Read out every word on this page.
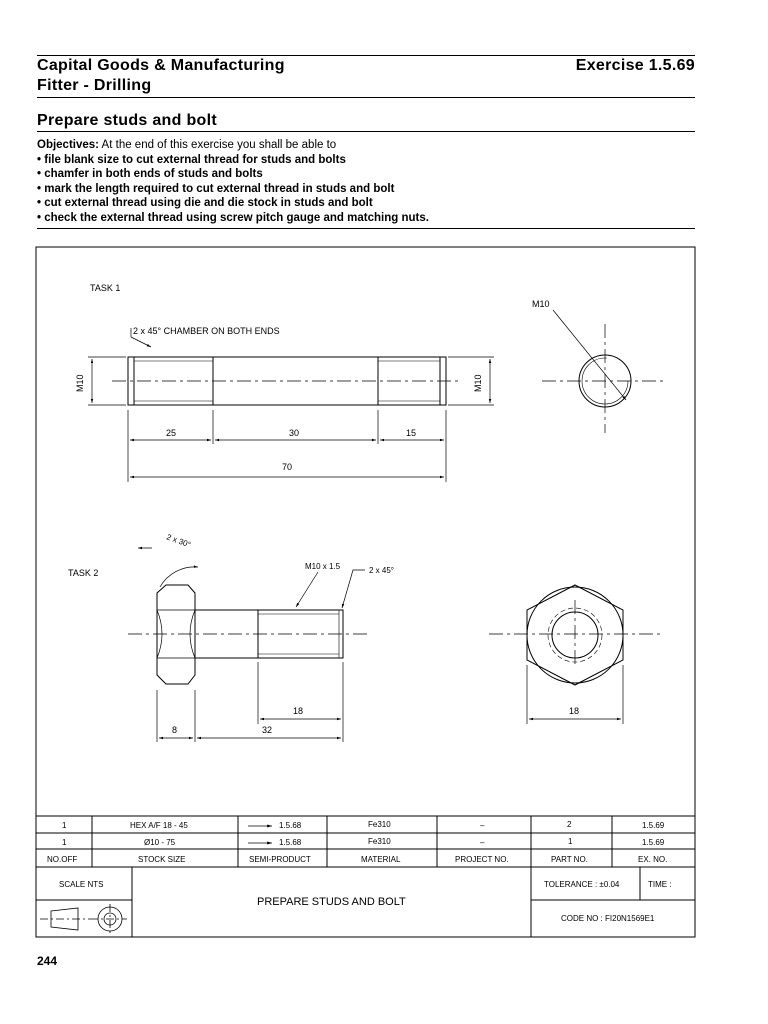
Capital Goods & Manufacturing
Fitter - Drilling
Exercise 1.5.69
Prepare studs and bolt
Objectives: At the end of this exercise you shall be able to
• file blank size to cut external thread for studs and bolts
• chamfer in both ends of studs and bolts
• mark the length required to cut external thread in studs and bolt
• cut external thread using die and die stock in studs and bolt
• check the external thread using screw pitch gauge and matching nuts.
TASK 1
2 x 45° CHAMBER ON BOTH ENDS
M10	M10
25	30	15
70
M10
TASK 2
2 x 30°
M10 x 1.5	2 x 45°
18
8	32
18
1	HEX A/F 18 - 45	1.5.68	Fe310	–	2	1.5.69
1	Ø10 - 75	1.5.68	Fe310	–	1	1.5.69
NO.OFF	STOCK SIZE	SEMI-PRODUCT	MATERIAL	PROJECT NO.	PART NO.	EX. NO.
SCALE NTS
PREPARE STUDS AND BOLT
TOLERANCE : ±0.04	TIME :
CODE NO : FI20N1569E1
244
